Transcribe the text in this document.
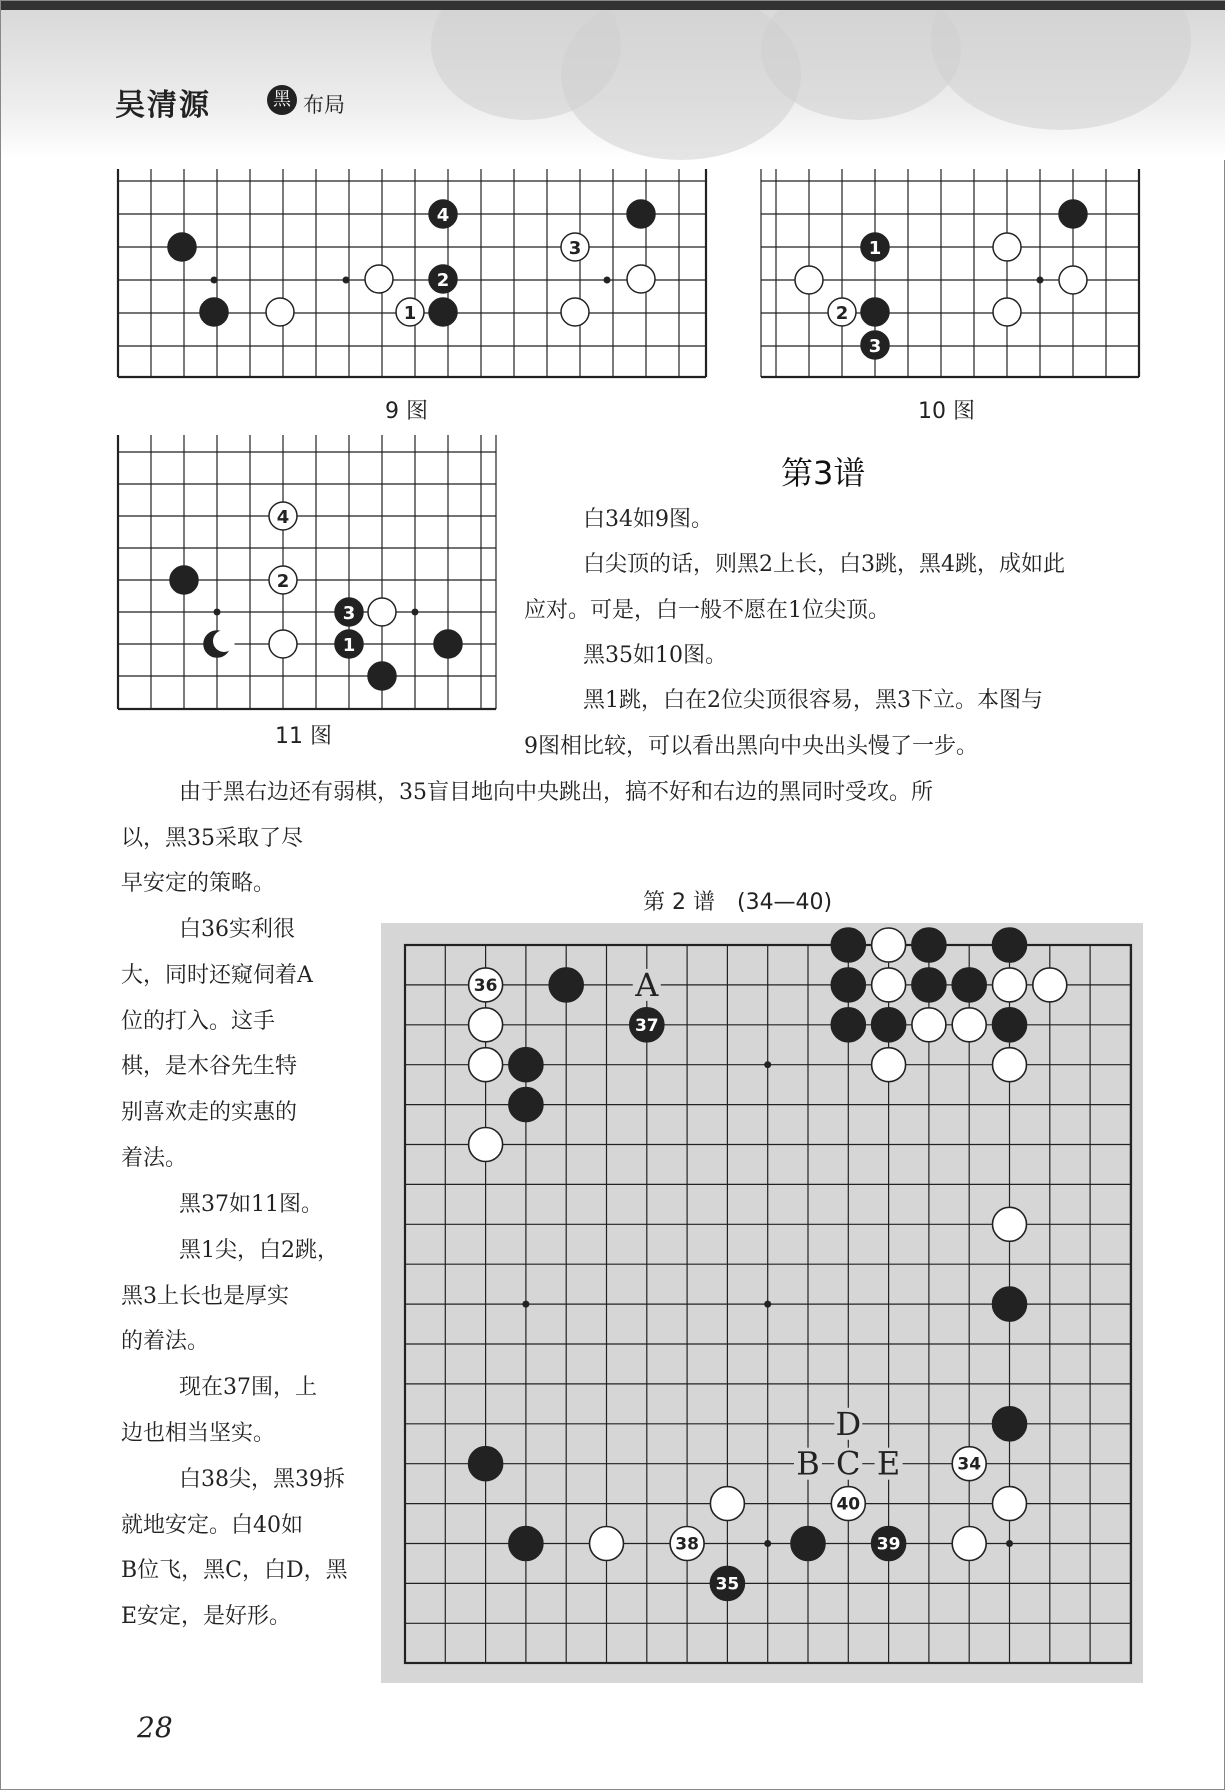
吴清源	黑 布局
1
2
3
4
9 图
1
2
3
10 图
1
2
3
4
11 图
第3谱
白34如9图。
白尖顶的话，则黑2上长，白3跳，黑4跳，成如此
应对。可是，白一般不愿在1位尖顶。
黑35如10图。
黑1跳，白在2位尖顶很容易，黑3下立。本图与
9图相比较，可以看出黑向中央出头慢了一步。
由于黑右边还有弱棋，35盲目地向中央跳出，搞不好和右边的黑同时受攻。所
以，黑35采取了尽
早安定的策略。
白36实利很
大，同时还窥伺着A
位的打入。这手
棋，是木谷先生特
别喜欢走的实惠的
着法。
黑37如11图。
黑1尖，白2跳，
黑3上长也是厚实
的着法。
现在37围，上
边也相当坚实。
白38尖，黑39拆
就地安定。白40如
B位飞，黑C，白D，黑
E安定，是好形。
第 2 谱　(34—40)
A
D
B C E
36
37
34
38
40
39
35
28
